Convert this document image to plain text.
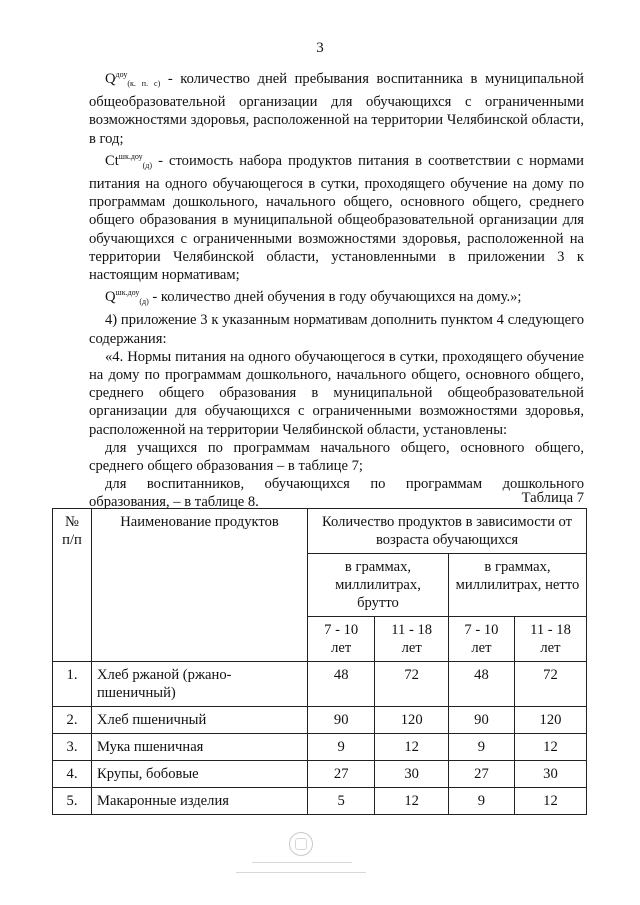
3

$Q^{доу}_{(к. п. с)}$ - количество дней пребывания воспитанника в муниципальной общеобразовательной организации для обучающихся с ограниченными возможностями здоровья, расположенной на территории Челябинской области, в год;

$Ct^{шк.доу}_{(д)}$ - стоимость набора продуктов питания в соответствии с нормами питания на одного обучающегося в сутки, проходящего обучение на дому по программам дошкольного, начального общего, основного общего, среднего общего образования в муниципальной общеобразовательной организации для обучающихся с ограниченными возможностями здоровья, расположенной на территории Челябинской области, установленными в приложении 3 к настоящим нормативам;

$Q^{шк.доу}_{(д)}$ - количество дней обучения в году обучающихся на дому.»;

4) приложение 3 к указанным нормативам дополнить пунктом 4 следующего содержания:

«4. Нормы питания на одного обучающегося в сутки, проходящего обучение на дому по программам дошкольного, начального общего, основного общего, среднего общего образования в муниципальной общеобразовательной организации для обучающихся с ограниченными возможностями здоровья, расположенной на территории Челябинской области, установлены:

для учащихся по программам начального общего, основного общего, среднего общего образования – в таблице 7;

для воспитанников, обучающихся по программам дошкольного образования, – в таблице 8.	Таблица 7
№ п/п	Наименование продуктов	Количество продуктов в зависимости от возраста обучающихся			
		в граммах, миллилитрах, брутто		в граммах, миллилитрах, нетто	
		7 - 10 лет	11 - 18 лет	7 - 10 лет	11 - 18 лет
1.	Хлеб ржаной (ржано-пшеничный)	48	72	48	72
2.	Хлеб пшеничный	90	120	90	120
3.	Мука пшеничная	9	12	9	12
4.	Крупы, бобовые	27	30	27	30
5.	Макаронные изделия	5	12	9	12
